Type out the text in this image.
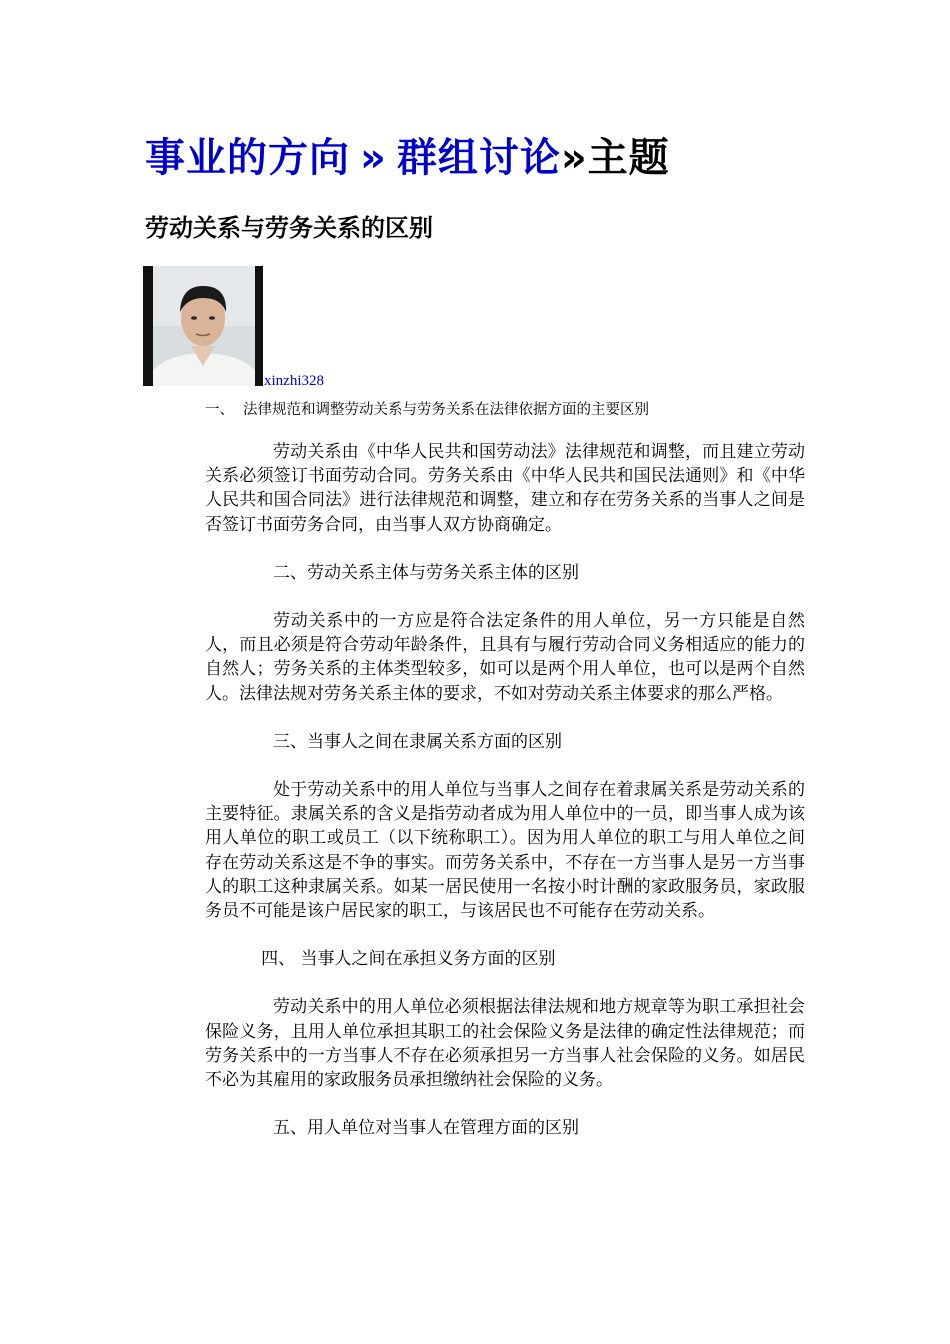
事业的方向 » 群组讨论»主题
劳动关系与劳务关系的区别
xinzhi328
一、 法律规范和调整劳动关系与劳务关系在法律依据方面的主要区别

劳动关系由《中华人民共和国劳动法》法律规范和调整，而且建立劳动关系必须签订书面劳动合同。劳务关系由《中华人民共和国民法通则》和《中华人民共和国合同法》进行法律规范和调整，建立和存在劳务关系的当事人之间是否签订书面劳务合同，由当事人双方协商确定。

二、劳动关系主体与劳务关系主体的区别

劳动关系中的一方应是符合法定条件的用人单位，另一方只能是自然人，而且必须是符合劳动年龄条件，且具有与履行劳动合同义务相适应的能力的自然人；劳务关系的主体类型较多，如可以是两个用人单位，也可以是两个自然人。法律法规对劳务关系主体的要求，不如对劳动关系主体要求的那么严格。

三、当事人之间在隶属关系方面的区别

处于劳动关系中的用人单位与当事人之间存在着隶属关系是劳动关系的主要特征。隶属关系的含义是指劳动者成为用人单位中的一员，即当事人成为该用人单位的职工或员工（以下统称职工）。因为用人单位的职工与用人单位之间存在劳动关系这是不争的事实。而劳务关系中，不存在一方当事人是另一方当事人的职工这种隶属关系。如某一居民使用一名按小时计酬的家政服务员，家政服务员不可能是该户居民家的职工，与该居民也不可能存在劳动关系。

四、 当事人之间在承担义务方面的区别

劳动关系中的用人单位必须根据法律法规和地方规章等为职工承担社会保险义务，且用人单位承担其职工的社会保险义务是法律的确定性法律规范；而劳务关系中的一方当事人不存在必须承担另一方当事人社会保险的义务。如居民不必为其雇用的家政服务员承担缴纳社会保险的义务。

五、用人单位对当事人在管理方面的区别
